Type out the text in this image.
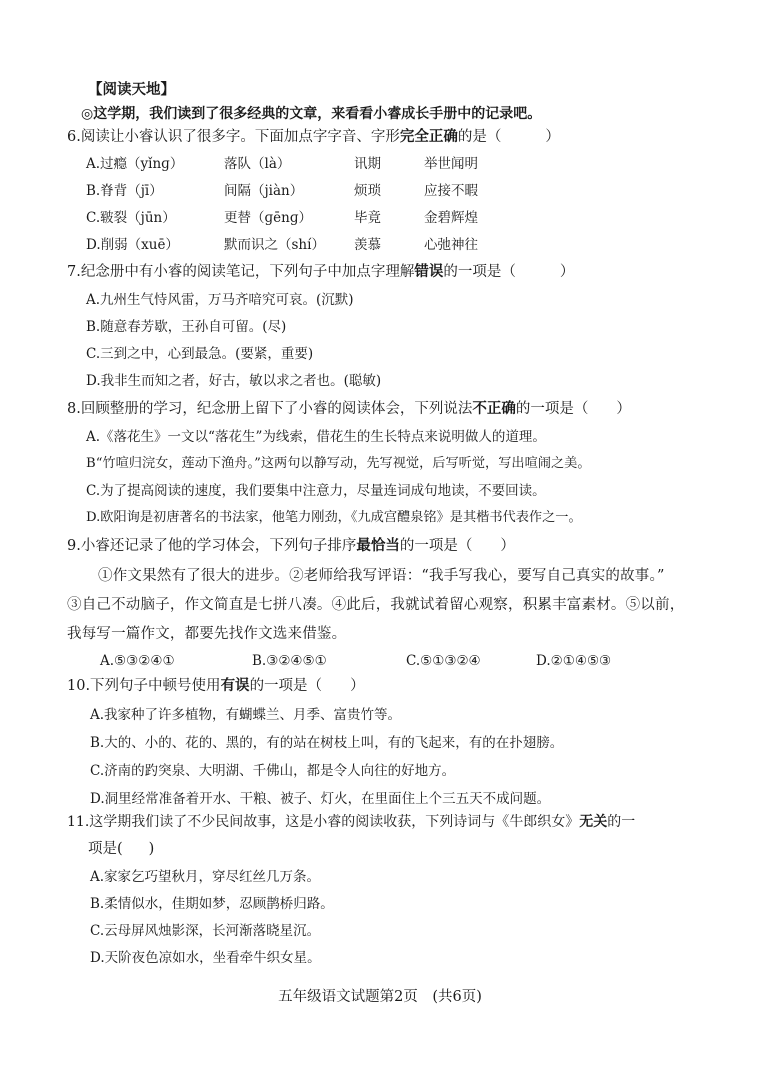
【阅读天地】
◎这学期，我们读到了很多经典的文章，来看看小睿成长手册中的记录吧。
6.阅读让小睿认识了很多字。下面加点字字音、字形完全正确的是（	）
A.过瘾（yǐnɡ）	落队（là）	讯期	举世闻明
B.脊背（jī）	间隔（jiàn）	烦琐	应接不暇
C.皲裂（jūn）	更替（ɡēnɡ）	毕竟	金碧辉煌
D.削弱（xuē）	默而识之（shí） 羡慕	心弛神往
7.纪念册中有小睿的阅读笔记，下列句子中加点字理解错误的一项是（	）
A.九州生气恃风雷，万马齐喑究可哀。(沉默)
B.随意春芳歇，王孙自可留。(尽)
C.三到之中，心到最急。(要紧，重要)
D.我非生而知之者，好古，敏以求之者也。(聪敏)
8.回顾整册的学习，纪念册上留下了小睿的阅读体会，下列说法不正确的一项是（ ）
A.《落花生》一文以“落花生”为线索，借花生的生长特点来说明做人的道理。
B“竹喧归浣女，莲动下渔舟。”这两句以静写动，先写视觉，后写听觉，写出喧闹之美。
C.为了提高阅读的速度，我们要集中注意力，尽量连词成句地读，不要回读。
D.欧阳询是初唐著名的书法家，他笔力刚劲，《九成宫醴泉铭》是其楷书代表作之一。
9.小睿还记录了他的学习体会，下列句子排序最恰当的一项是（ ）
①作文果然有了很大的进步。②老师给我写评语：“我手写我心，要写自己真实的故事。”
③自己不动脑子，作文简直是七拼八凑。④此后，我就试着留心观察，积累丰富素材。⑤以前，
我每写一篇作文，都要先找作文选来借鉴。
A.⑤③②④①	B.③②④⑤①	C.⑤①③②④	D.②①④⑤③
10.下列句子中顿号使用有误的一项是（ ）
A.我家种了许多植物，有蝴蝶兰、月季、富贵竹等。
B.大的、小的、花的、黑的，有的站在树枝上叫，有的飞起来，有的在扑翅膀。
C.济南的趵突泉、大明湖、千佛山，都是令人向往的好地方。
D.洞里经常准备着开水、干粮、被子、灯火，在里面住上个三五天不成问题。
11.这学期我们读了不少民间故事，这是小睿的阅读收获，下列诗词与《牛郎织女》无关的一
项是( )
A.家家乞巧望秋月，穿尽红丝几万条。
B.柔情似水，佳期如梦，忍顾鹊桥归路。
C.云母屏风烛影深，长河渐落晓星沉。
D.天阶夜色凉如水，坐看牵牛织女星。
五年级语文试题第2页　(共6页)
